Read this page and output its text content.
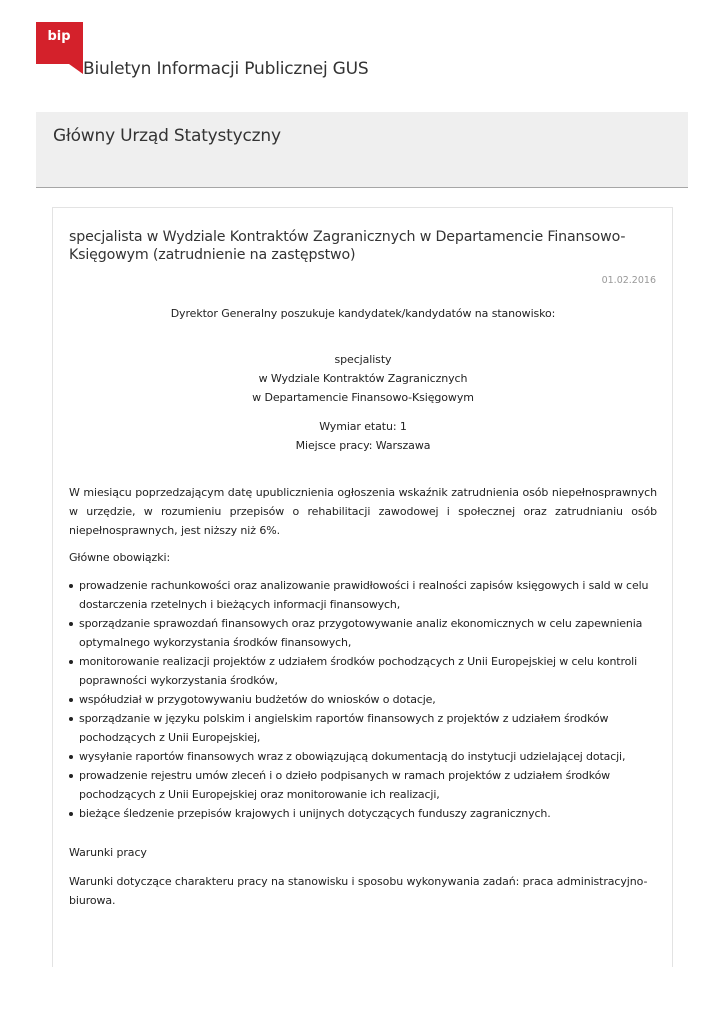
bip
Biuletyn Informacji Publicznej GUS
Główny Urząd Statystyczny
specjalista w Wydziale Kontraktów Zagranicznych w Departamencie Finansowo-Księgowym (zatrudnienie na zastępstwo)
01.02.2016
Dyrektor Generalny poszukuje kandydatek/kandydatów na stanowisko:
specjalisty
w Wydziale Kontraktów Zagranicznych
w Departamencie Finansowo-Księgowym
Wymiar etatu: 1
Miejsce pracy: Warszawa

W miesiącu poprzedzającym datę upublicznienia ogłoszenia wskaźnik zatrudnienia osób niepełnosprawnych w urzędzie, w rozumieniu przepisów o rehabilitacji zawodowej i społecznej oraz zatrudnianiu osób niepełnosprawnych, jest niższy niż 6%.

Główne obowiązki:

prowadzenie rachunkowości oraz analizowanie prawidłowości i realności zapisów księgowych i sald w celu dostarczenia rzetelnych i bieżących informacji finansowych,
sporządzanie sprawozdań finansowych oraz przygotowywanie analiz ekonomicznych w celu zapewnienia optymalnego wykorzystania środków finansowych,
monitorowanie realizacji projektów z udziałem środków pochodzących z Unii Europejskiej w celu kontroli poprawności wykorzystania środków,
współudział w przygotowywaniu budżetów do wniosków o dotacje,
sporządzanie w języku polskim i angielskim raportów finansowych z projektów z udziałem środków pochodzących z Unii Europejskiej,
wysyłanie raportów finansowych wraz z obowiązującą dokumentacją do instytucji udzielającej dotacji,
prowadzenie rejestru umów zleceń i o dzieło podpisanych w ramach projektów z udziałem środków pochodzących z Unii Europejskiej oraz monitorowanie ich realizacji,
bieżące śledzenie przepisów krajowych i unijnych dotyczących funduszy zagranicznych.

Warunki pracy

Warunki dotyczące charakteru pracy na stanowisku i sposobu wykonywania zadań: praca administracyjno-biurowa.
